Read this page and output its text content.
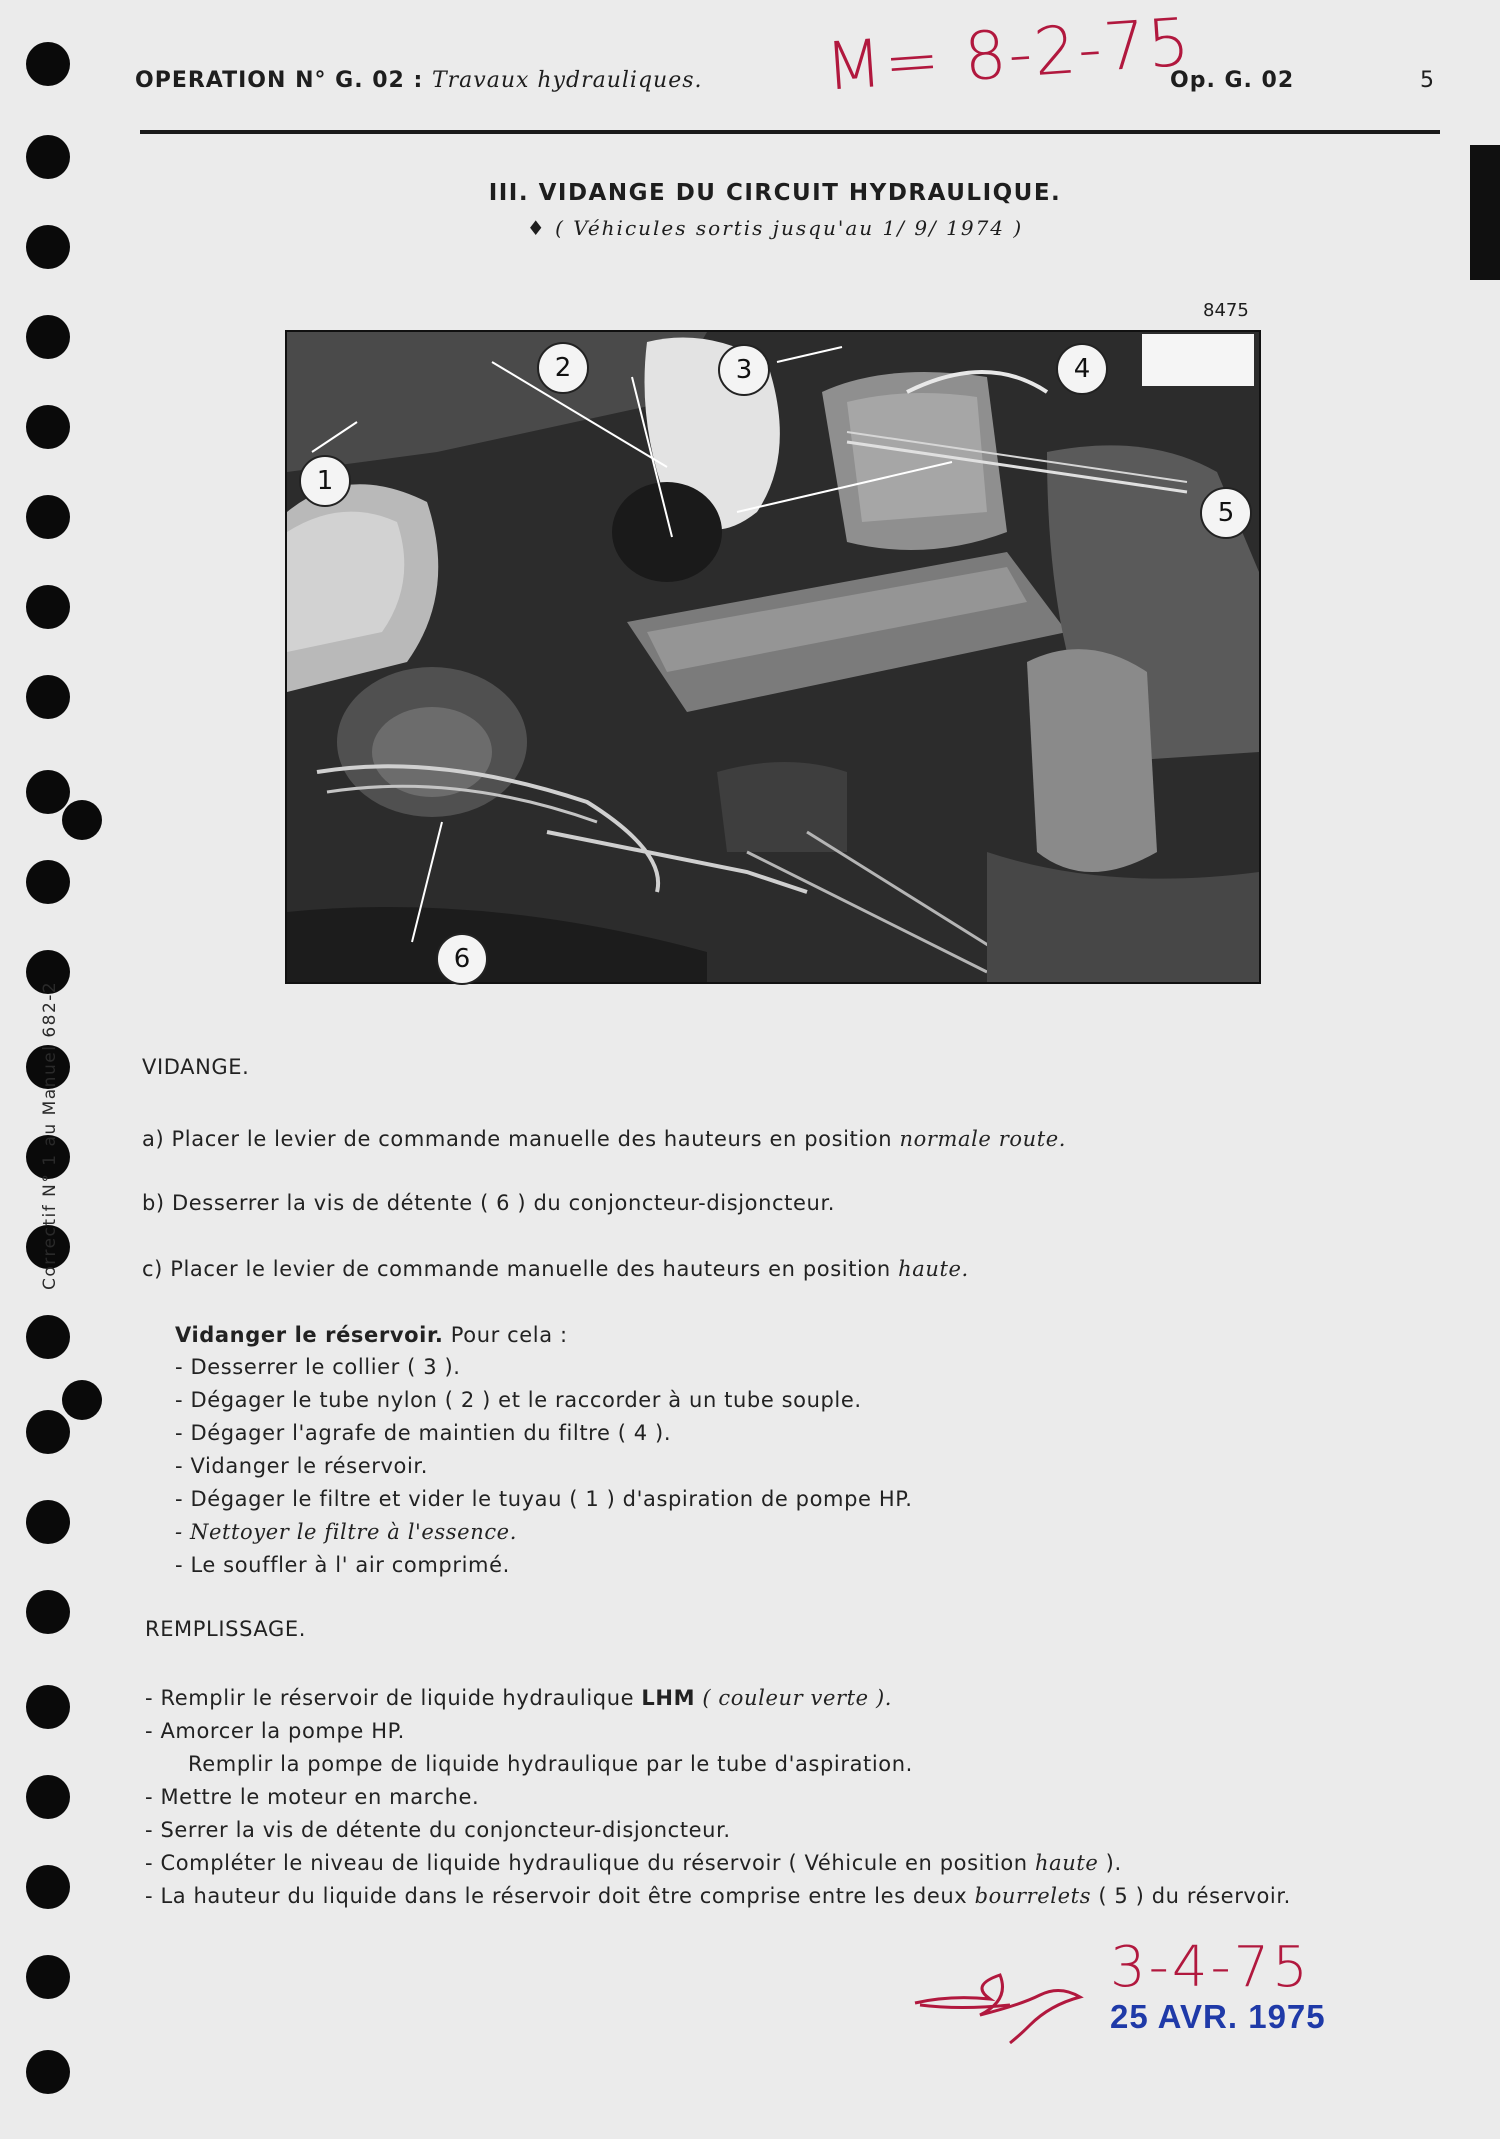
Correctif N° 1 au Manuel 682-2
OPERATION N° G. 02 : Travaux hydrauliques.	Op. G. 02	5
M= 8-2-75
III. VIDANGE DU CIRCUIT HYDRAULIQUE.
♦ ( Véhicules sortis jusqu'au 1/ 9/ 1974 )
8475
1
2	3	4
5
6
VIDANGE.
a) Placer le levier de commande manuelle des hauteurs en position normale route.
b) Desserrer la vis de détente ( 6 ) du conjoncteur-disjoncteur.
c) Placer le levier de commande manuelle des hauteurs en position haute.
Vidanger le réservoir. Pour cela :
- Desserrer le collier ( 3 ).
- Dégager le tube nylon ( 2 ) et le raccorder à un tube souple.
- Dégager l'agrafe de maintien du filtre ( 4 ).
- Vidanger le réservoir.
- Dégager le filtre et vider le tuyau ( 1 ) d'aspiration de pompe HP.
- Nettoyer le filtre à l'essence.
- Le souffler à l' air comprimé.
REMPLISSAGE.
- Remplir le réservoir de liquide hydraulique LHM ( couleur verte ).
- Amorcer la pompe HP.
Remplir la pompe de liquide hydraulique par le tube d'aspiration.
- Mettre le moteur en marche.
- Serrer la vis de détente du conjoncteur-disjoncteur.
- Compléter le niveau de liquide hydraulique du réservoir ( Véhicule en position haute ).
- La hauteur du liquide dans le réservoir doit être comprise entre les deux bourrelets ( 5 ) du réservoir.
3-4-75
25 AVR. 1975
